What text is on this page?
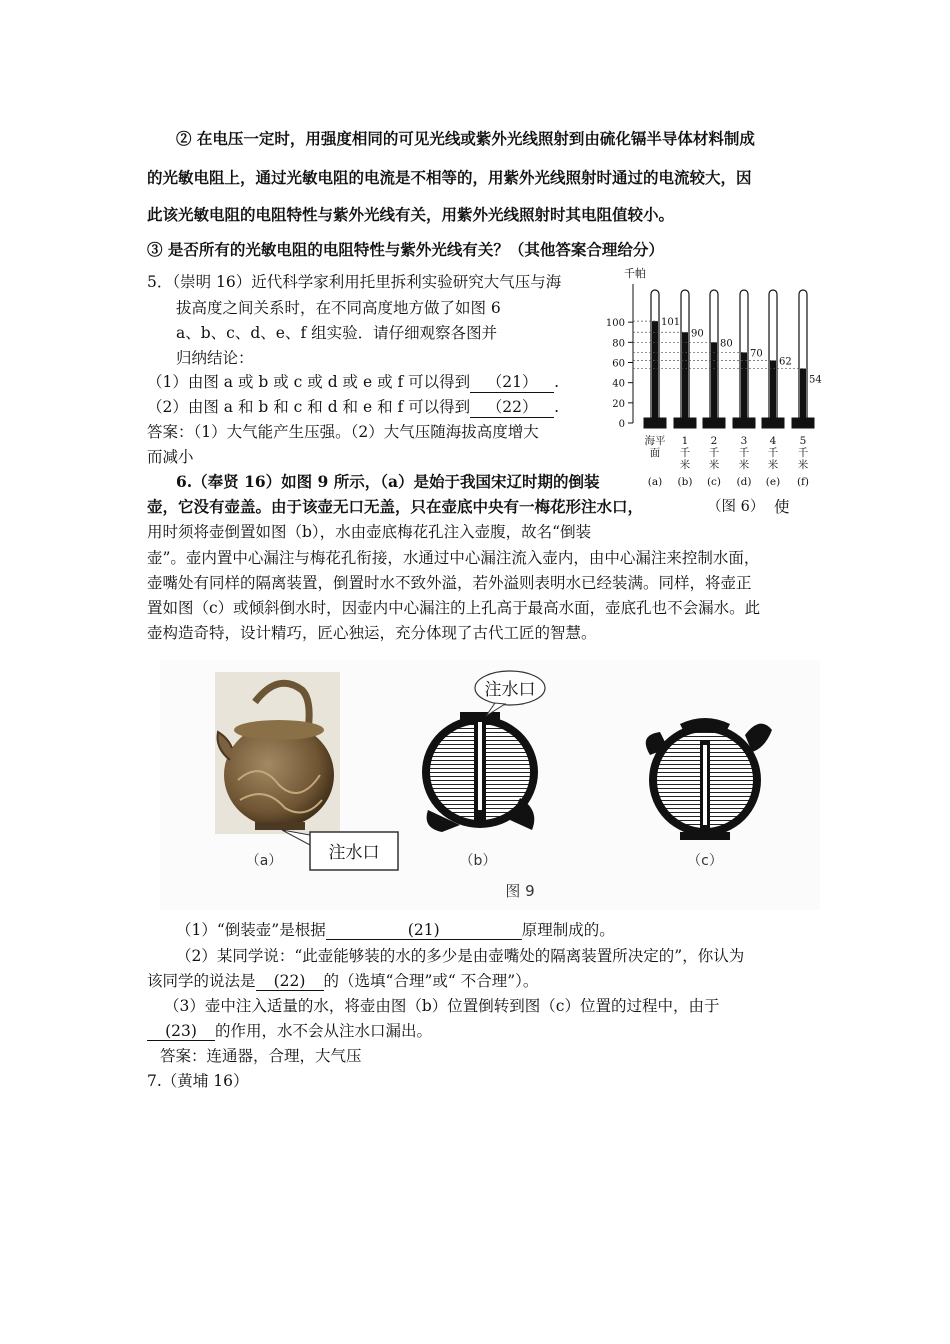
② 在电压一定时，用强度相同的可见光线或紫外光线照射到由硫化镉半导体材料制成
的光敏电阻上，通过光敏电阻的电流是不相等的，用紫外光线照射时通过的电流较大，因
此该光敏电阻的电阻特性与紫外光线有关，用紫外光线照射时其电阻值较小。
③ 是否所有的光敏电阻的电阻特性与紫外光线有关？（其他答案合理给分）
5．（崇明 16）近代科学家利用托里拆利实验研究大气压与海
拔高度之间关系时，在不同高度地方做了如图 6
a、b、c、d、e、f 组实验．请仔细观察各图并
归纳结论：
（1）由图 a 或 b 或 c 或 d 或 e 或 f 可以得到 （21） .
（2）由图 a 和 b 和 c 和 d 和 e 和 f 可以得到 （22） .
答案：（1）大气能产生压强。（2）大气压随海拔高度增大
而减小
千帕
0
20
40
60
80
100	101
海平
面
(a)
90
1
千
米
(b)
80
2
千
米
(c)
70
3
千
米
(d)
62
4
千
米
(e)
54
5
千
米
(f)
（图 6）
6.（奉贤 16）如图 9 所示，（a）是始于我国宋辽时期的倒装
壶，它没有壶盖。由于该壶无口无盖，只在壶底中央有一梅花形注水口，	使
用时须将壶倒置如图（b），水由壶底梅花孔注入壶腹，故名“倒装
壶”。壶内置中心漏注与梅花孔衔接，水通过中心漏注流入壶内，由中心漏注来控制水面，
壶嘴处有同样的隔离装置，倒置时水不致外溢，若外溢则表明水已经装满。同样，将壶正
置如图（c）或倾斜倒水时，因壶内中心漏注的上孔高于最高水面，壶底孔也不会漏水。此
壶构造奇特，设计精巧，匠心独运，充分体现了古代工匠的智慧。
注水口
注水口
（a）	（b）	（c）
图 9
（1）“倒装壶”是根据	(21)	原理制成的。
（2）某同学说：“此壶能够装的水的多少是由壶嘴处的隔离装置所决定的”，你认为
该同学的说法是 (22) 的（选填“合理”或“ 不合理”）。
（3）壶中注入适量的水，将壶由图（b）位置倒转到图（c）位置的过程中，由于
(23) 的作用，水不会从注水口漏出。
答案：连通器，合理，大气压
7.（黄埔 16）
